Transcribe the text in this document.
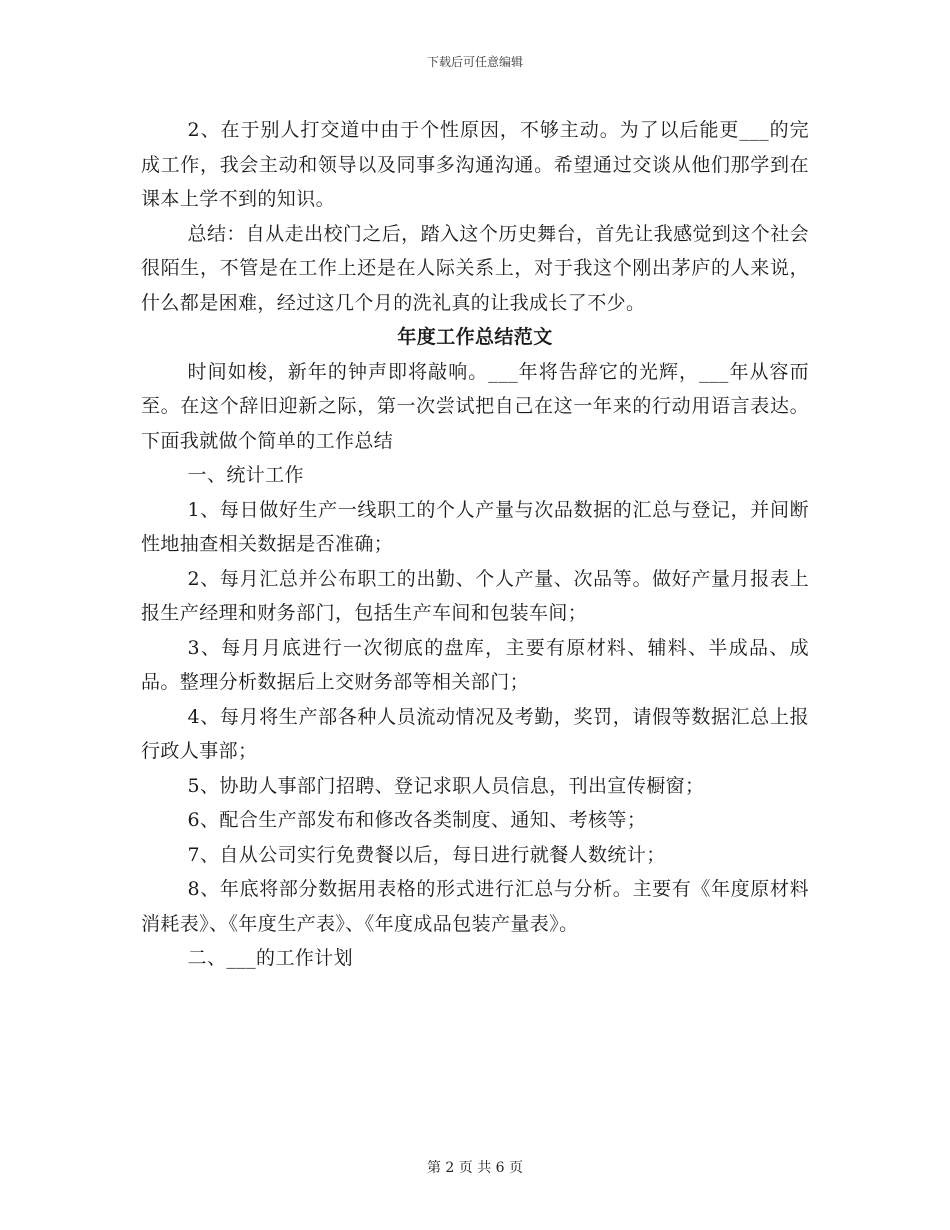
下载后可任意编辑

2、在于别人打交道中由于个性原因，不够主动。为了以后能更___的完成工作，我会主动和领导以及同事多沟通沟通。希望通过交谈从他们那学到在课本上学不到的知识。

总结：自从走出校门之后，踏入这个历史舞台，首先让我感觉到这个社会很陌生，不管是在工作上还是在人际关系上，对于我这个刚出茅庐的人来说，什么都是困难，经过这几个月的洗礼真的让我成长了不少。

年度工作总结范文

时间如梭，新年的钟声即将敲响。___年将告辞它的光辉，___年从容而至。在这个辞旧迎新之际，第一次尝试把自己在这一年来的行动用语言表达。下面我就做个简单的工作总结

一、统计工作

1、每日做好生产一线职工的个人产量与次品数据的汇总与登记，并间断性地抽查相关数据是否准确；

2、每月汇总并公布职工的出勤、个人产量、次品等。做好产量月报表上报生产经理和财务部门，包括生产车间和包装车间；

3、每月月底进行一次彻底的盘库，主要有原材料、辅料、半成品、成品。整理分析数据后上交财务部等相关部门；

4、每月将生产部各种人员流动情况及考勤，奖罚，请假等数据汇总上报行政人事部；

5、协助人事部门招聘、登记求职人员信息，刊出宣传橱窗；

6、配合生产部发布和修改各类制度、通知、考核等；

7、自从公司实行免费餐以后，每日进行就餐人数统计；

8、年底将部分数据用表格的形式进行汇总与分析。主要有《年度原材料消耗表》、《年度生产表》、《年度成品包装产量表》。

二、___的工作计划

第 2 页 共 6 页
